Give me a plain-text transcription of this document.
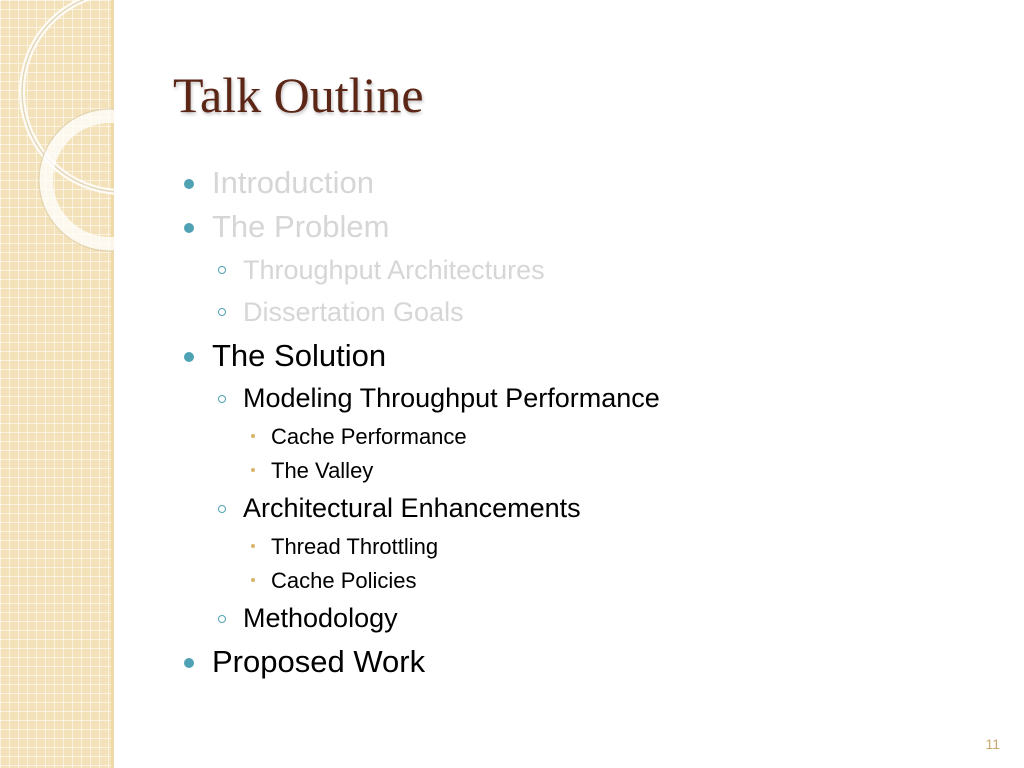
Talk Outline
Introduction
The Problem
Throughput Architectures
Dissertation Goals
The Solution
Modeling Throughput Performance
Cache Performance
The Valley
Architectural Enhancements
Thread Throttling
Cache Policies
Methodology
Proposed Work
11
